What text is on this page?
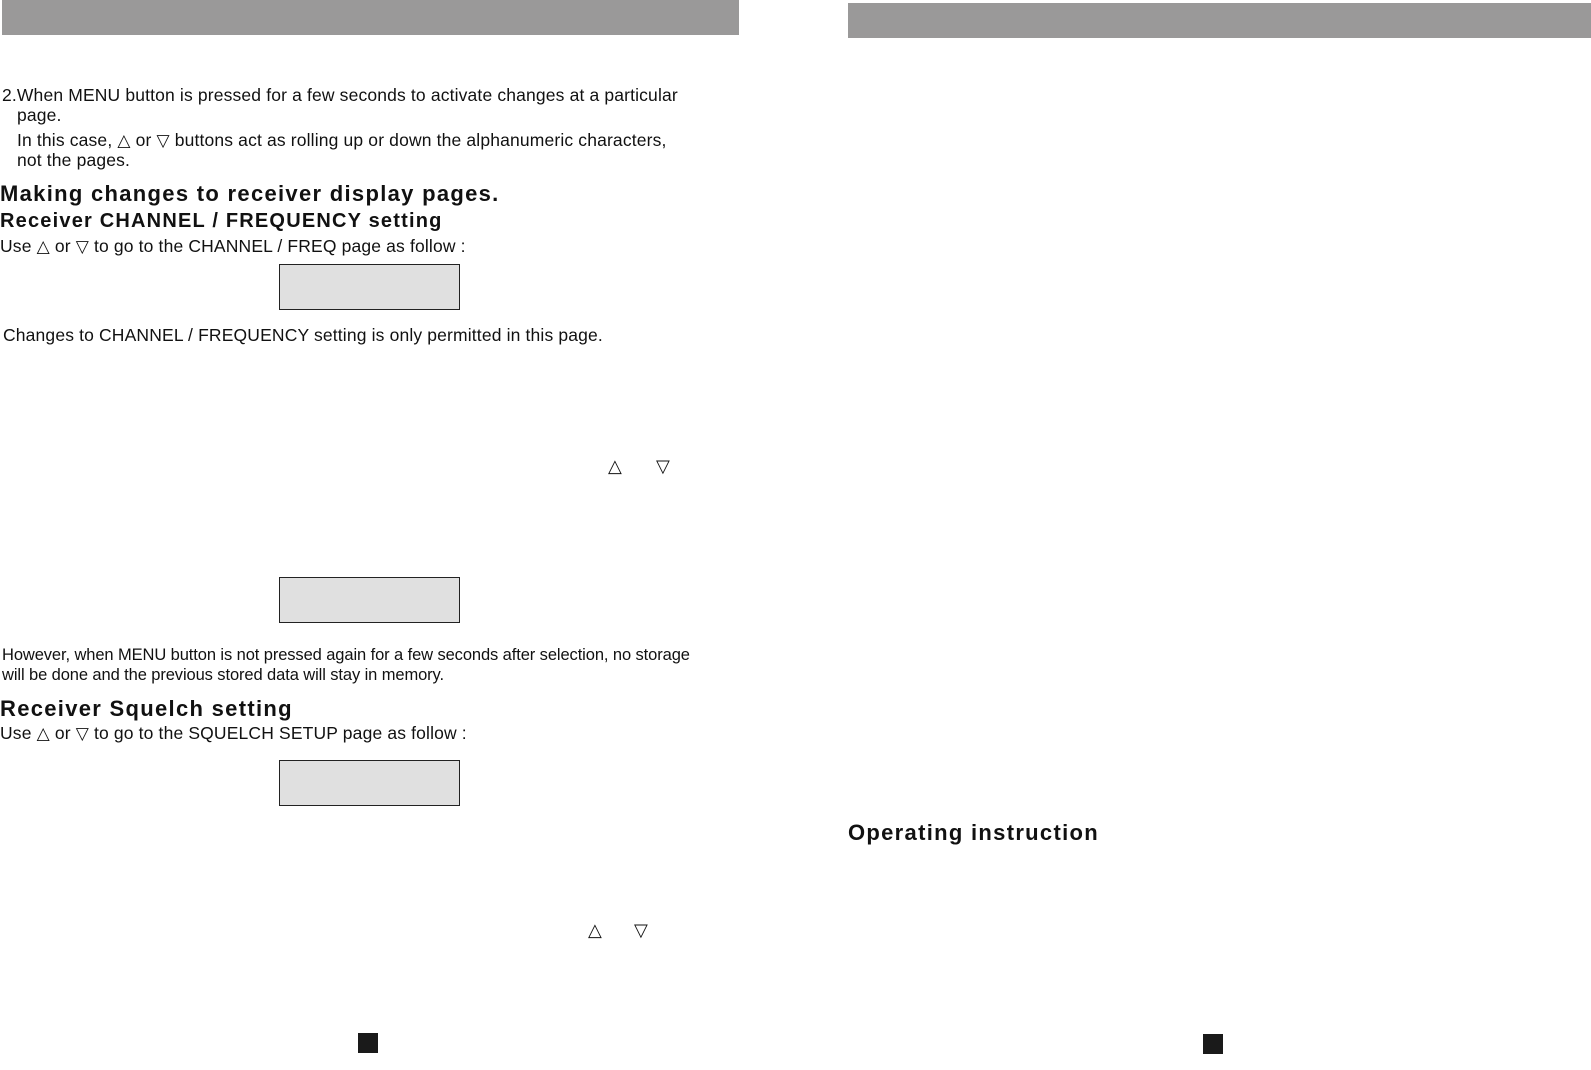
2.When MENU button is pressed for a few seconds to activate changes at a particular
page.
In this case, △ or ▽ buttons act as rolling up or down the alphanumeric characters,
not the pages.
Making changes to receiver display pages.
Receiver CHANNEL / FREQUENCY setting
Use △ or ▽ to go to the CHANNEL / FREQ page as follow :
Changes to CHANNEL / FREQUENCY setting is only permitted in this page.
△ ▽
However, when MENU button is not pressed again for a few seconds after selection, no storage
will be done and the previous stored data will stay in memory.
Receiver Squelch setting
Use △ or ▽ to go to the SQUELCH SETUP page as follow :
△ ▽
Operating instruction
